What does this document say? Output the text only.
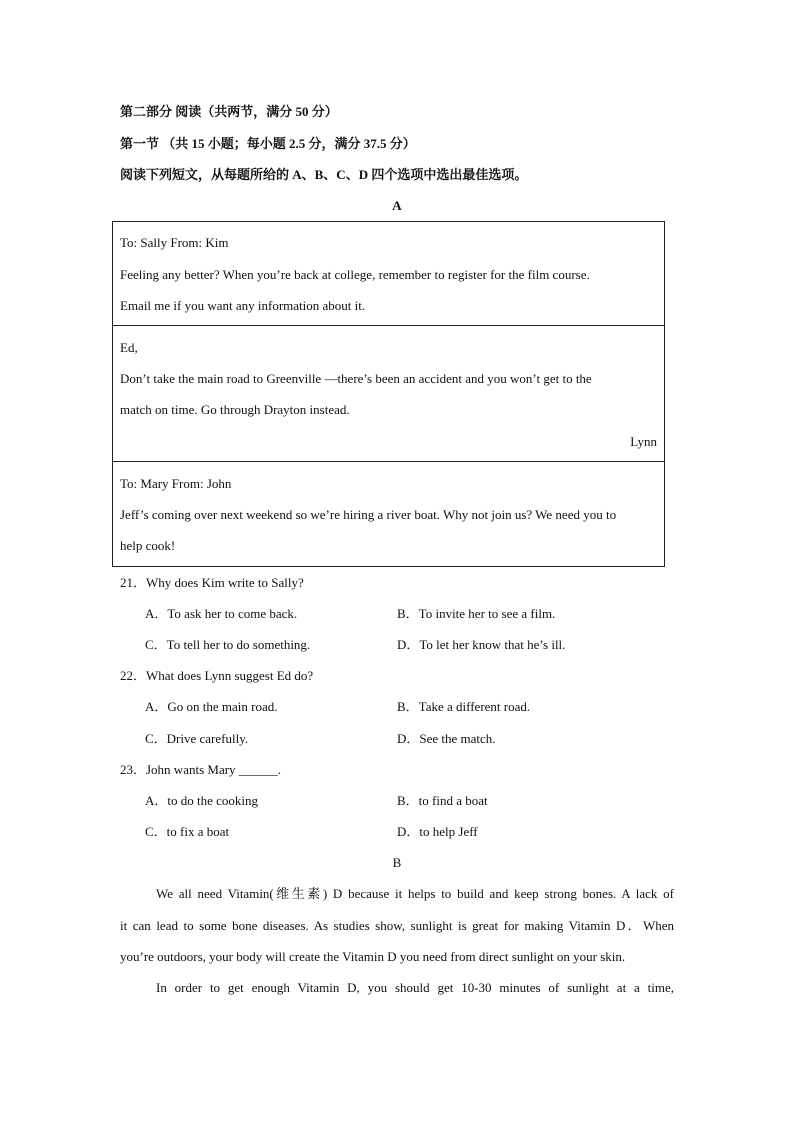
第二部分 阅读（共两节，满分 50 分）
第一节 （共 15 小题；每小题 2.5 分，满分 37.5 分）
阅读下列短文，从每题所给的 A、B、C、D 四个选项中选出最佳选项。
A
To: Sally From: Kim
Feeling any better? When you’re back at college, remember to register for the film course.
Email me if you want any information about it.
Ed,
Don’t take the main road to Greenville —there’s been an accident and you won’t get to the
match on time. Go through Drayton instead.
Lynn
To: Mary From: John
Jeff’s coming over next weekend so we’re hiring a river boat. Why not join us? We need you to
help cook!
21．Why does Kim write to Sally?
A．To ask her to come back.	B．To invite her to see a film.
C．To tell her to do something.	D．To let her know that he’s ill.
22．What does Lynn suggest Ed do?
A．Go on the main road.	B．Take a different road.
C．Drive carefully.	D．See the match.
23．John wants Mary ______.
A．to do the cooking	B．to find a boat
C．to fix a boat	D．to help Jeff
B
We all need Vitamin(维生素) D because it helps to build and keep strong bones. A lack of
it can lead to some bone diseases. As studies show, sunlight is great for making Vitamin D．When
you’re outdoors, your body will create the Vitamin D you need from direct sunlight on your skin.
In order to get enough Vitamin D, you should get 10-30 minutes of sunlight at a time,
